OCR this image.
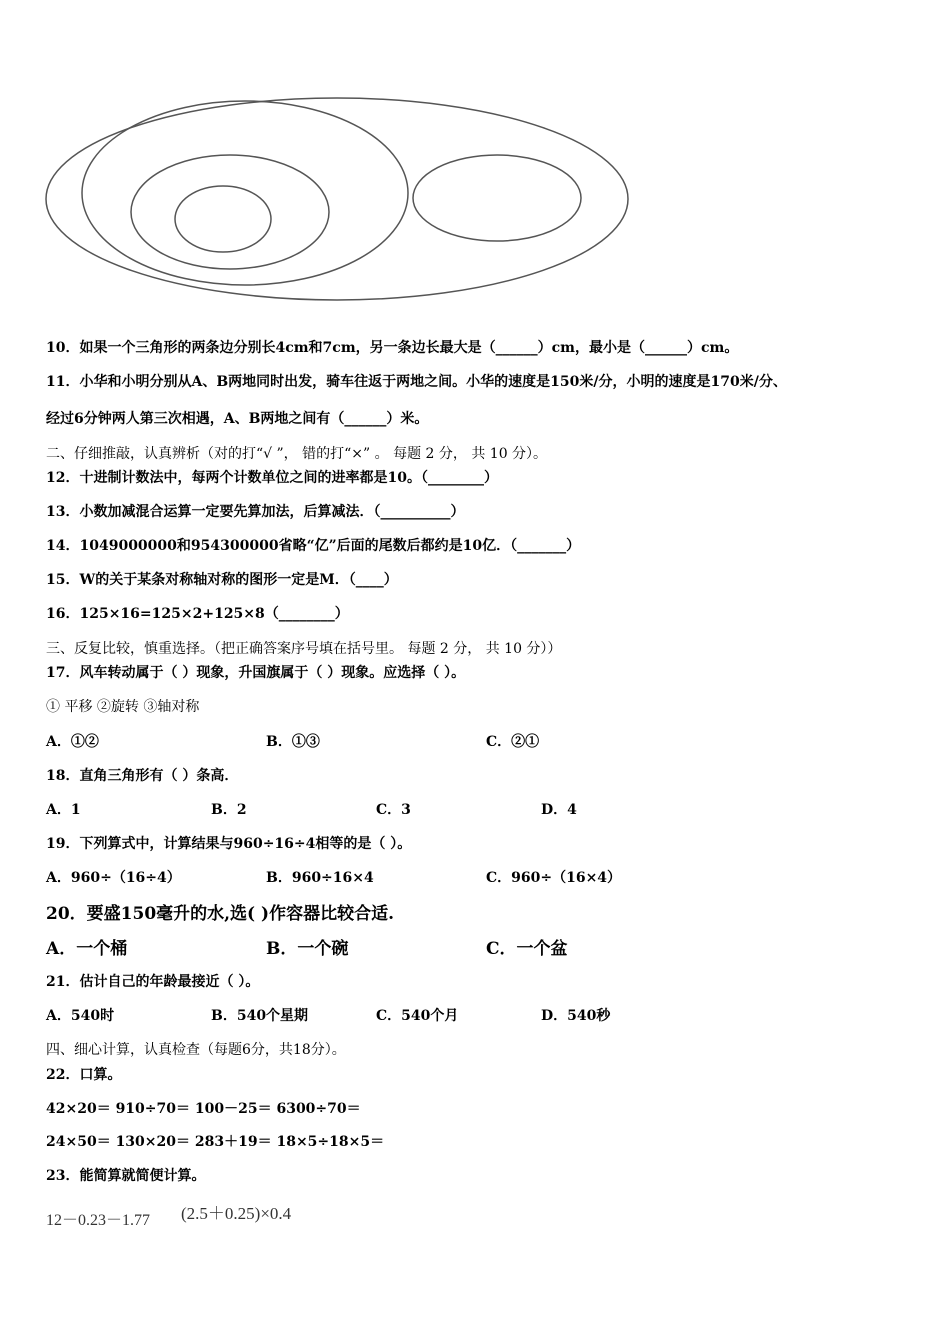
10．如果一个三角形的两条边分别长4cm和7cm，另一条边长最大是（______）cm，最小是（______）cm。
11．小华和小明分别从A、B两地同时出发，骑车往返于两地之间。小华的速度是150米/分，小明的速度是170米/分、
经过6分钟两人第三次相遇，A、B两地之间有（______）米。
二、仔细推敲，认真辨析（对的打“√ ”， 错的打“×” 。 每题 2 分， 共 10 分）。
12．十进制计数法中，每两个计数单位之间的进率都是10。（________）
13．小数加减混合运算一定要先算加法，后算减法．（__________）
14．1049000000和954300000省略“亿”后面的尾数后都约是10亿．（_______）
15．W的关于某条对称轴对称的图形一定是M．（____）
16．125×16=125×2+125×8（________）
三、反复比较，慎重选择。（把正确答案序号填在括号里。 每题 2 分， 共 10 分））
17．风车转动属于（ ）现象，升国旗属于（ ）现象。应选择（ ）。
① 平移 ②旋转 ③轴对称
A．①②	B．①③	C．②①
18．直角三角形有（ ）条高．
A．1	B．2	C．3	D．4
19．下列算式中，计算结果与960÷16÷4相等的是（ ）。
A．960÷（16÷4）	B．960÷16×4	C．960÷（16×4）
20．要盛150毫升的水,选( )作容器比较合适.
A．一个桶	B．一个碗	C．一个盆
21．估计自己的年龄最接近（ ）。
A．540时	B．540个星期	C．540个月	D．540秒
四、细心计算，认真检查（每题6分，共18分）。
22．口算。
42×20＝ 910÷70＝ 100－25＝ 6300÷70＝
24×50＝ 130×20＝ 283＋19＝ 18×5÷18×5＝
23．能简算就简便计算。
12－0.23－1.77 (2.5＋0.25)×0.4
